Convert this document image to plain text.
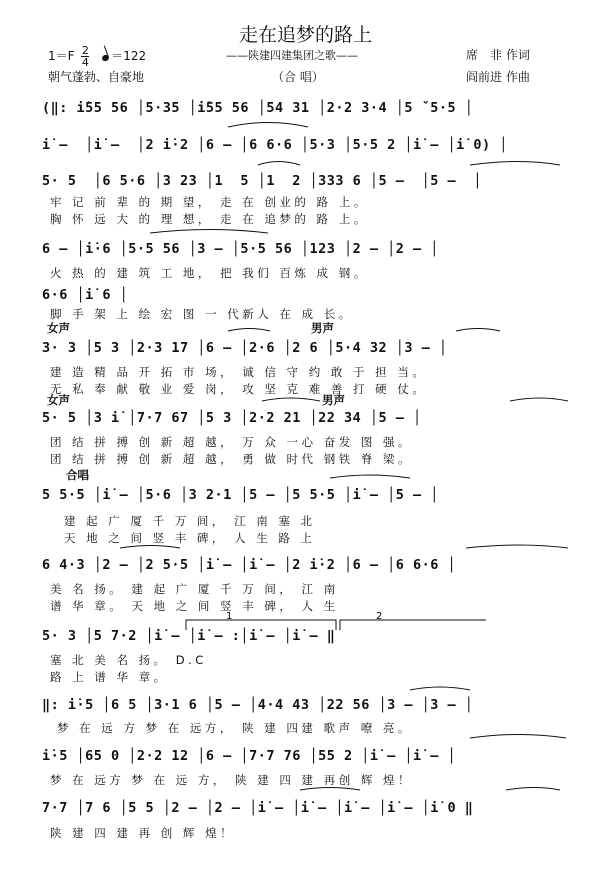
走在追梦的路上
$1=F \frac{2}{4} =122$	——陕建四建集团之歌——	席　非 作词
朝气蓬勃、自豪地	（合 唱）	阎前进 作曲
(‖: i̇55 56 │5·35 │i̇55 56 │54 31 │2·2 3·4 │5 ˇ5·5 │
i̇ –  │i̇ –  │2 i̇·2 │6 – │6 6·6 │5·3 │5·5 2 │i̇ – │i̇ 0) │
5· 5  │6 5·6 │3 23 │1  5 │1  2 │333 6 │5 –  │5 –  │
6 – │i̇·6 │5·5 56 │3 – │5·5 56 │123 │2 – │2 – │
6·6 │i̇ 6 │
3· 3 │5 3 │2·3 17 │6 – │2·6 │2 6 │5·4 32 │3 – │
5· 5 │3 i̇ │7·7 67 │5 3 │2·2 21 │22 34 │5 – │
5 5·5 │i̇ – │5·6 │3 2·1 │5 – │5 5·5 │i̇ – │5 – │
6 4·3 │2 – │2 5·5 │i̇ – │i̇ – │2 i̇·2 │6 – │6 6·6 │
5· 3 │5 7·2 │i̇ – │i̇ – :│i̇ – │i̇ – ‖
‖: i̇·5 │6 5 │3·1 6 │5 – │4·4 43 │22 56 │3 – │3 – │
i̇·5 │65 0 │2·2 12 │6 – │7·7 76 │55 2 │i̇ – │i̇ – │
7·7 │7 6 │5 5 │2 – │2 – │i̇ – │i̇ – │i̇ – │i̇ – │i̇ 0 ‖
牢 记 前 辈 的 期 望， 走 在 创业的 路 上。
胸 怀 远 大 的 理 想， 走 在 追梦的 路 上。
火 热 的 建 筑 工 地， 把 我们 百炼 成 钢。
脚 手 架 上 绘 宏 图 一 代新人 在 成 长。
建 造 精 品 开 拓 市 场， 诚 信 守 约 敢 于 担 当。
无 私 奉 献 敬 业 爱 岗， 攻 坚 克 难 善 打 硬 仗。
团 结 拼 搏 创 新 超 越， 万 众 一心 奋发 图 强。
团 结 拼 搏 创 新 超 越， 勇 做 时代 钢铁 脊 梁。
建 起 广 厦 千 万 间， 江 南 塞 北
天 地 之 间 竖 丰 碑， 人 生 路 上
美 名 扬。 建 起 广 厦 千 万 间， 江 南
谱 华 章。 天 地 之 间 竖 丰 碑， 人 生
塞 北 美 名 扬。 D.C
路 上 谱 华 章。
梦 在 远 方 梦 在 远方， 陕 建 四建 歌声 嘹 亮。
梦 在 远方 梦 在 远 方， 陕 建 四 建 再创 辉 煌！
陕 建 四 建 再 创 辉 煌！
女声	男声
女声	男声
合唱
1	2
